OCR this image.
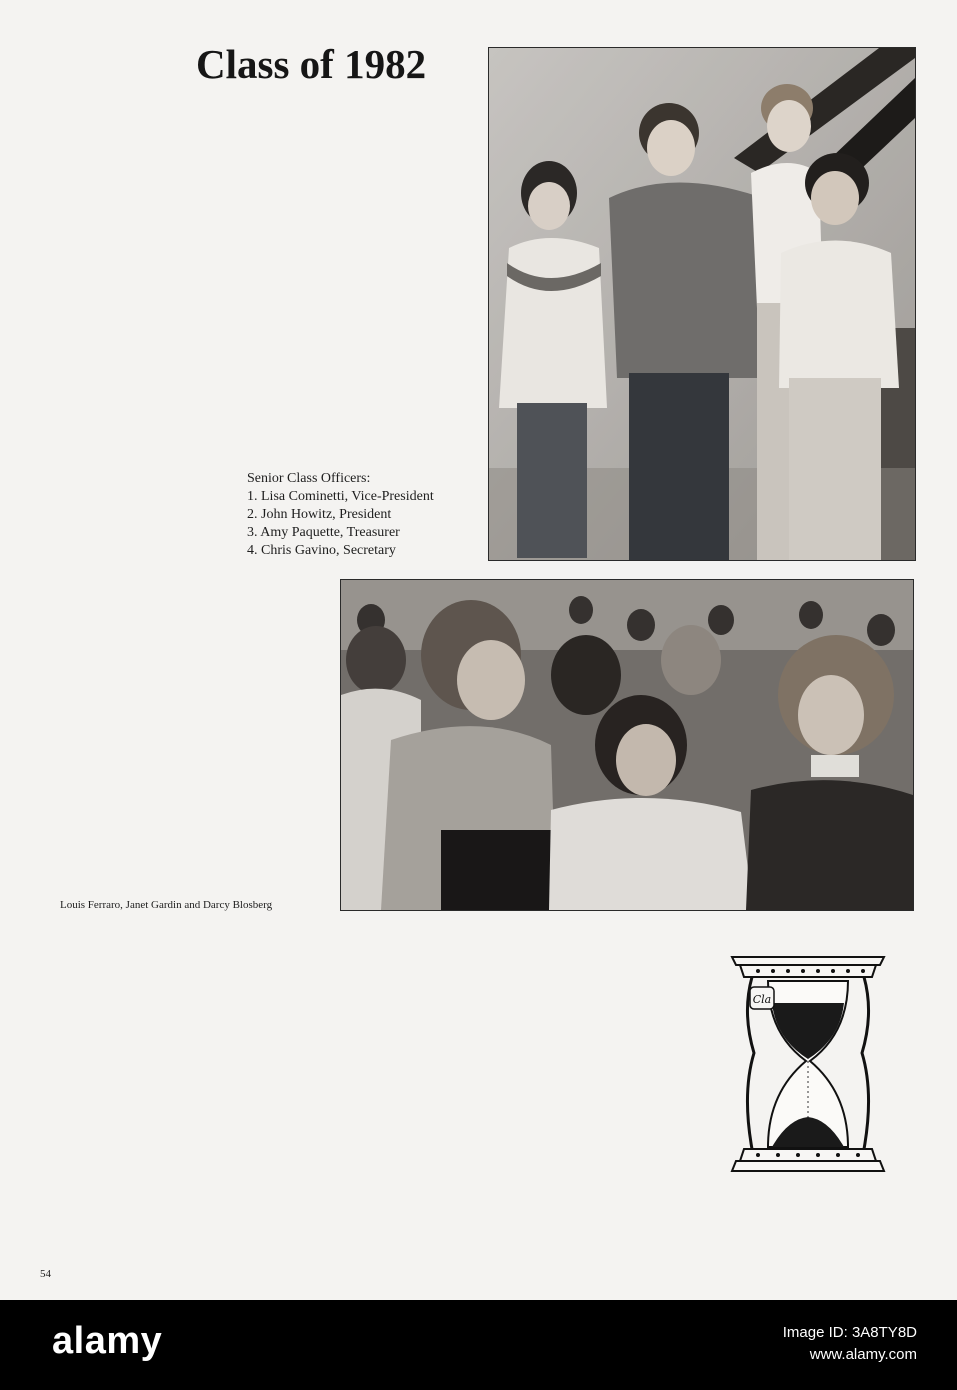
Class of 1982
Senior Class Officers:
1. Lisa Cominetti, Vice-President
2. John Howitz, President
3. Amy Paquette, Treasurer
4. Chris Gavino, Secretary
Louis Ferraro, Janet Gardin and Darcy Blosberg
Cla
54
alamy	Image ID: 3A8TY8D
www.alamy.com
